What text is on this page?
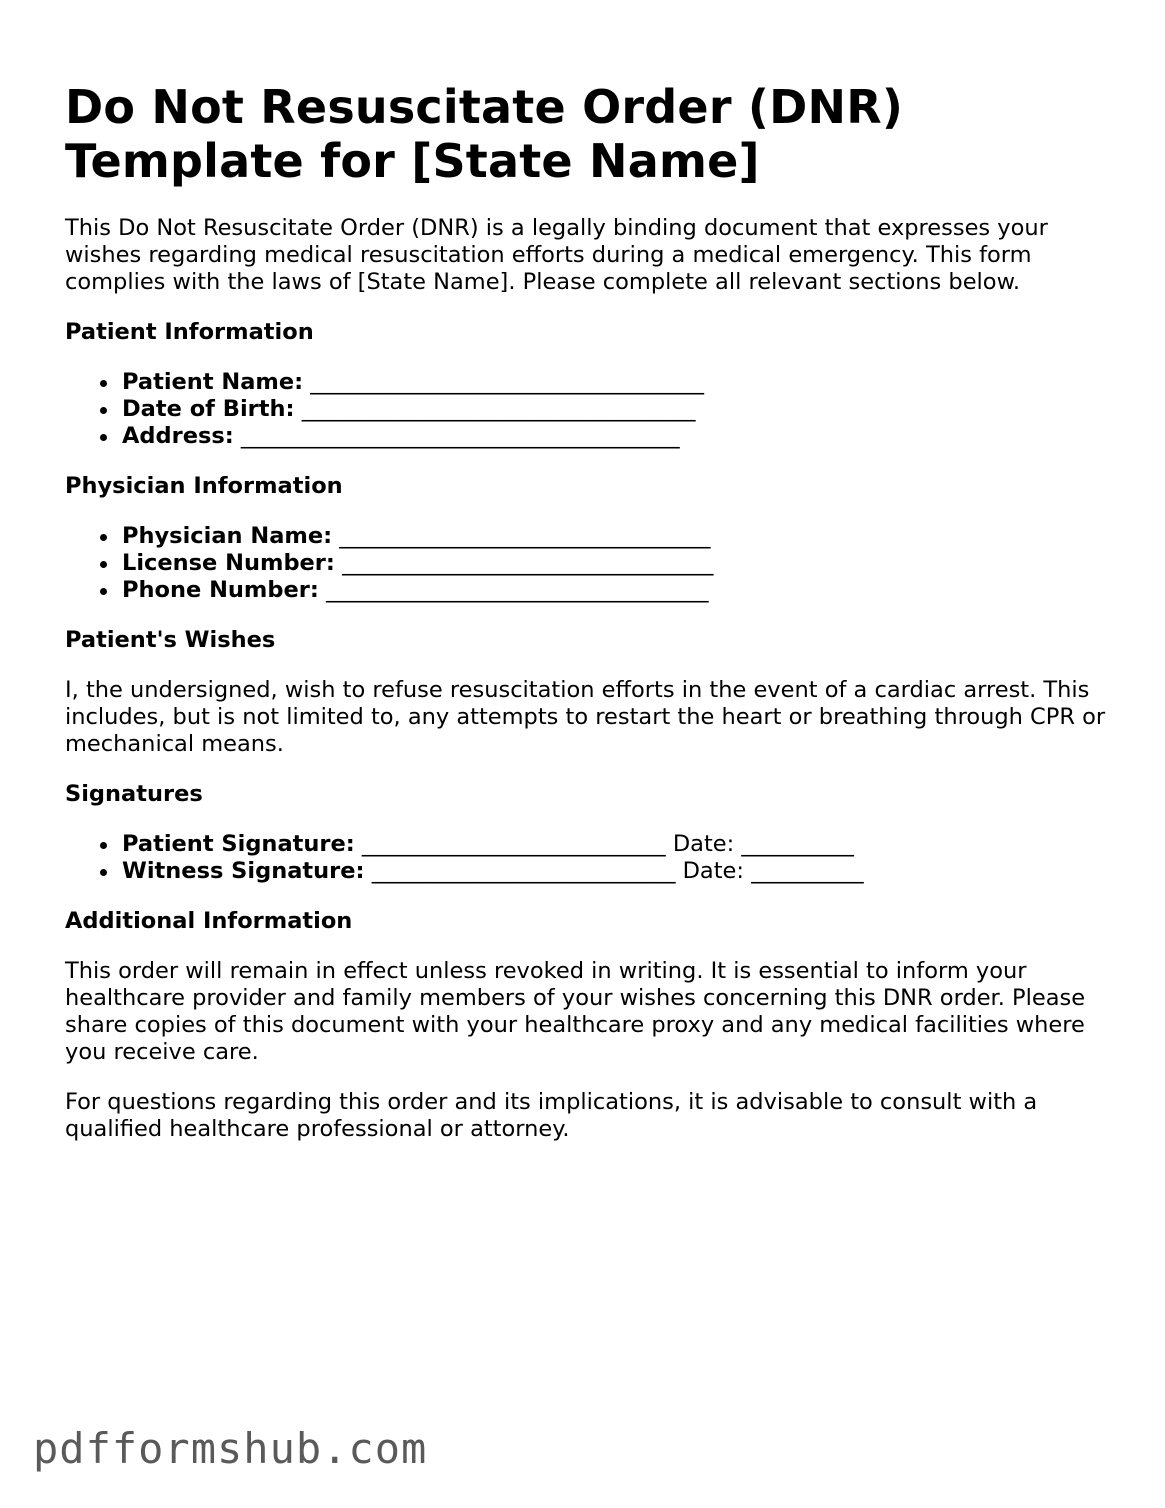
Do Not Resuscitate Order (DNR)
Template for [State Name]

This Do Not Resuscitate Order (DNR) is a legally binding document that expresses your wishes regarding medical resuscitation efforts during a medical emergency. This form complies with the laws of [State Name]. Please complete all relevant sections below.

Patient Information
Patient Name: ___________________________________
Date of Birth: ___________________________________
Address: _______________________________________
Physician Information
Physician Name: _________________________________
License Number: _________________________________
Phone Number: __________________________________
Patient's Wishes

I, the undersigned, wish to refuse resuscitation efforts in the event of a cardiac arrest. This includes, but is not limited to, any attempts to restart the heart or breathing through CPR or mechanical means.

Signatures
Patient Signature: ___________________________ Date: __________
Witness Signature: ___________________________ Date: __________
Additional Information

This order will remain in effect unless revoked in writing. It is essential to inform your healthcare provider and family members of your wishes concerning this DNR order. Please share copies of this document with your healthcare proxy and any medical facilities where you receive care.

For questions regarding this order and its implications, it is advisable to consult with a qualified healthcare professional or attorney.

pdfformshub.com
